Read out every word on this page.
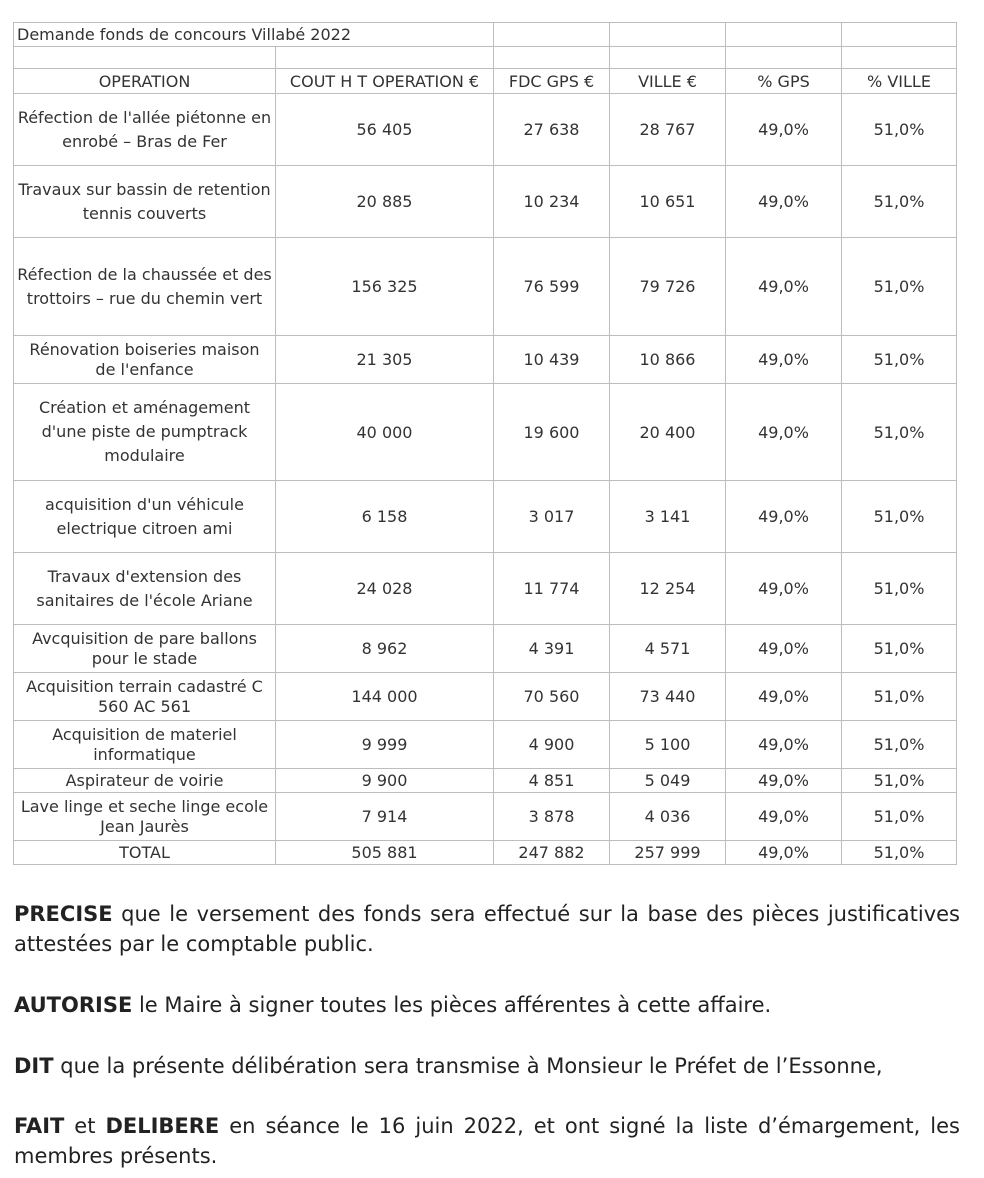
Demande fonds de concours Villabé 2022					

OPERATION	COUT H T OPERATION €	FDC GPS €	VILLE €	% GPS	% VILLE
Réfection de l'allée piétonne en enrobé – Bras de Fer	56 405	27 638	28 767	49,0%	51,0%
Travaux sur bassin de retention tennis couverts	20 885	10 234	10 651	49,0%	51,0%
Réfection de la chaussée et des trottoirs – rue du chemin vert	156 325	76 599	79 726	49,0%	51,0%
Rénovation boiseries maison de l'enfance	21 305	10 439	10 866	49,0%	51,0%
Création et aménagement d'une piste de pumptrack modulaire	40 000	19 600	20 400	49,0%	51,0%
acquisition d'un véhicule electrique citroen ami	6 158	3 017	3 141	49,0%	51,0%
Travaux d'extension des sanitaires de l'école Ariane	24 028	11 774	12 254	49,0%	51,0%
Avcquisition de pare ballons pour le stade	8 962	4 391	4 571	49,0%	51,0%
Acquisition terrain cadastré C 560 AC 561	144 000	70 560	73 440	49,0%	51,0%
Acquisition de materiel informatique	9 999	4 900	5 100	49,0%	51,0%
Aspirateur de voirie	9 900	4 851	5 049	49,0%	51,0%
Lave linge et seche linge ecole Jean Jaurès	7 914	3 878	4 036	49,0%	51,0%
TOTAL	505 881	247 882	257 999	49,0%	51,0%
PRECISE que le versement des fonds sera effectué sur la base des pièces justificatives attestées par le comptable public.
AUTORISE le Maire à signer toutes les pièces afférentes à cette affaire.
DIT que la présente délibération sera transmise à Monsieur le Préfet de l’Essonne,
FAIT et DELIBERE en séance le 16 juin 2022, et ont signé la liste d’émargement, les membres présents.
